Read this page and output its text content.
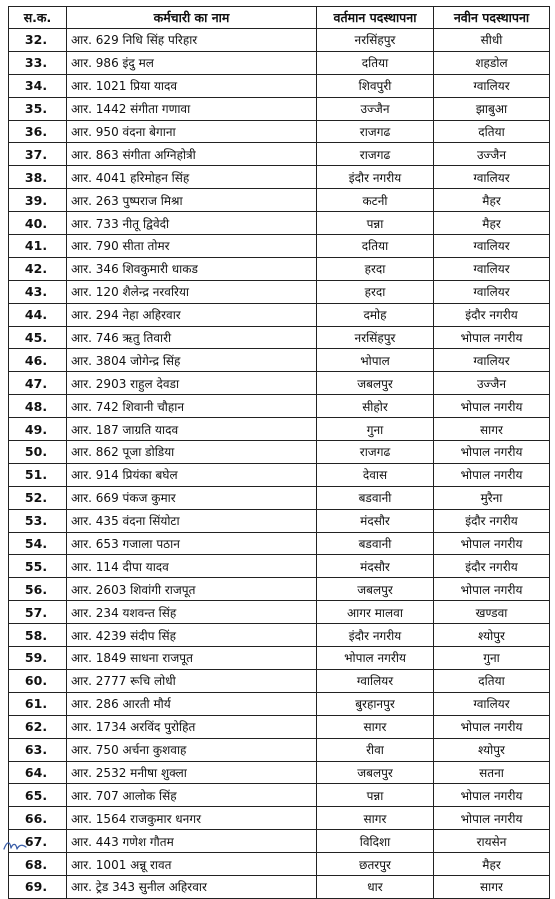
स.क.	कर्मचारी का नाम	वर्तमान पदस्थापना	नवीन पदस्थापना
32.	आर. 629 निधि सिंह परिहार	नरसिंहपुर	सीधी
33.	आर. 986 इंदु मल	दतिया	शहडोल
34.	आर. 1021 प्रिया यादव	शिवपुरी	ग्वालियर
35.	आर. 1442 संगीता गणावा	उज्जैन	झाबुआ
36.	आर. 950 वंदना बेगाना	राजगढ	दतिया
37.	आर. 863 संगीता अग्निहोत्री	राजगढ	उज्जैन
38.	आर. 4041 हरिमोहन सिंह	इंदौर नगरीय	ग्वालियर
39.	आर. 263 पुष्पराज मिश्रा	कटनी	मैहर
40.	आर. 733 नीतू द्विवेदी	पन्ना	मैहर
41.	आर. 790 सीता तोमर	दतिया	ग्वालियर
42.	आर. 346 शिवकुमारी धाकड	हरदा	ग्वालियर
43.	आर. 120 शैलेन्द्र नरवरिया	हरदा	ग्वालियर
44.	आर. 294 नेहा अहिरवार	दमोह	इंदौर नगरीय
45.	आर. 746 ऋतु तिवारी	नरसिंहपुर	भोपाल नगरीय
46.	आर. 3804 जोगेन्द्र सिंह	भोपाल	ग्वालियर
47.	आर. 2903 राहुल देवडा	जबलपुर	उज्जैन
48.	आर. 742 शिवानी चौहान	सीहोर	भोपाल नगरीय
49.	आर. 187 जाग्रति यादव	गुना	सागर
50.	आर. 862 पूजा डोडिया	राजगढ	भोपाल नगरीय
51.	आर. 914 प्रियंका बघेल	देवास	भोपाल नगरीय
52.	आर. 669 पंकज कुमार	बडवानी	मुरैना
53.	आर. 435 वंदना सिंयोटा	मंदसौर	इंदौर नगरीय
54.	आर. 653 गजाला पठान	बडवानी	भोपाल नगरीय
55.	आर. 114 दीपा यादव	मंदसौर	इंदौर नगरीय
56.	आर. 2603 शिवांगी राजपूत	जबलपुर	भोपाल नगरीय
57.	आर. 234 यशवन्त सिंह	आगर मालवा	खण्डवा
58.	आर. 4239 संदीप सिंह	इंदौर नगरीय	श्योपुर
59.	आर. 1849 साधना राजपूत	भोपाल नगरीय	गुना
60.	आर. 2777 रूचि लोधी	ग्वालियर	दतिया
61.	आर. 286 आरती मौर्य	बुरहानपुर	ग्वालियर
62.	आर. 1734 अरविंद पुरोहित	सागर	भोपाल नगरीय
63.	आर. 750 अर्चना कुशवाह	रीवा	श्योपुर
64.	आर. 2532 मनीषा शुक्ला	जबलपुर	सतना
65.	आर. 707 आलोक सिंह	पन्ना	भोपाल नगरीय
66.	आर. 1564 राजकुमार धनगर	सागर	भोपाल नगरीय
67.	आर. 443 गणेश गौतम	विदिशा	रायसेन
68.	आर. 1001 अन्नू रावत	छतरपुर	मैहर
69.	आर. ट्रेड 343 सुनील अहिरवार	धार	सागर
